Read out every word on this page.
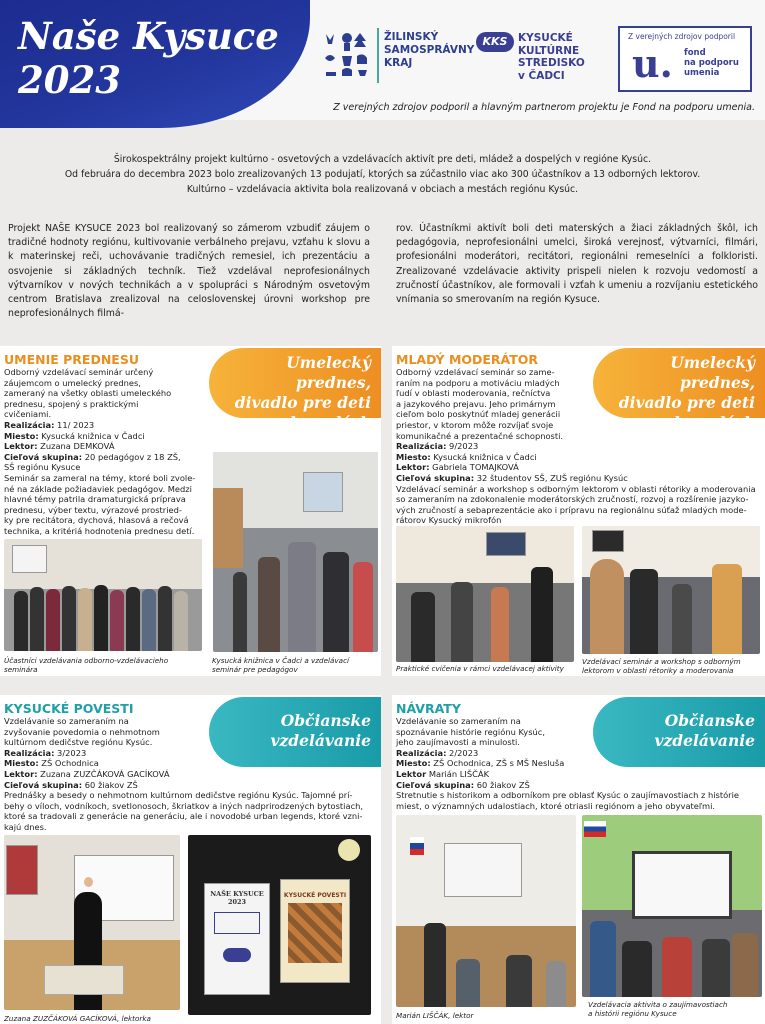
Naše Kysuce
2023
ŽILINSKÝ
SAMOSPRÁVNY
KRAJ
KKS	KYSUCKÉ
KULTÚRNE
STREDISKO
v ČADCI
Z verejných zdrojov podporil
u. fond
na podporu
umenia
Z verejných zdrojov podporil a hlavným partnerom projektu je Fond na podporu umenia.
Širokospektrálny projekt kultúrno - osvetových a vzdelávacích aktivít pre deti, mládež a dospelých v regióne Kysúc.
Od februára do decembra 2023 bolo zrealizovaných 13 podujatí, ktorých sa zúčastnilo viac ako 300 účastníkov a 13 odborných lektorov.
Kultúrno – vzdelávacia aktivita bola realizovaná v obciach a mestách regiónu Kysúc.
Projekt NAŠE KYSUCE 2023 bol realizovaný so zámerom vzbudiť záujem o tradičné hodnoty regiónu, kultivovanie verbálneho prejavu, vzťahu k slovu a k materinskej reči, uchovávanie tradičných remesiel, ich prezentáciu a osvojenie si základných techník. Tiež vzdelával neprofesionálnych výtvarníkov v nových technikách a v spolupráci s Národným osvetovým centrom Bratislava zrealizoval na celoslovenskej úrovni workshop pre neprofesionálnych filmá-
rov. Účastníkmi aktivít boli deti materských a žiaci základných škôl, ich pedagógovia, neprofesionálni umelci, široká verejnosť, výtvarníci, filmári, profesionálni moderátori, recitátori, regionálni remeselníci a folkloristi. Zrealizované vzdelávacie aktivity prispeli nielen k rozvoju vedomostí a zručností účastníkov, ale formovali i vzťah k umeniu a rozvíjaniu estetického vnímania so smerovaním na región Kysuce.
Umelecký prednes,
divadlo pre deti
a dospelých
UMENIE PREDNESU
Odborný vzdelávací seminár určený
záujemcom o umelecký prednes,
zameraný na všetky oblasti umeleckého
prednesu, spojený s praktickými
cvičeniami.
Realizácia: 11/ 2023
Miesto: Kysucká knižnica v Čadci
Lektor: Zuzana DEMKOVÁ
Cieľová skupina: 20 pedagógov z 18 ZŠ,
SŠ regiónu Kysuce
Seminár sa zameral na témy, ktoré boli zvole-
né na základe požiadaviek pedagógov. Medzi
hlavné témy patrila dramaturgická príprava
prednesu, výber textu, výrazové prostried-
ky pre recitátora, dychová, hlasová a rečová
technika, a kritériá hodnotenia prednesu detí.
Kysucká knižnica v Čadci a vzdelávací
seminár pre pedagógov
Účastníci vzdelávania odborno-vzdelávacieho
seminára
Umelecký prednes,
divadlo pre deti
a dospelých
MLADÝ MODERÁTOR
Odborný vzdelávací seminár so zame-
raním na podporu a motiváciu mladých
ľudí v oblasti moderovania, rečníctva
a jazykového prejavu. Jeho primárnym
cieľom bolo poskytnúť mladej generácii
priestor, v ktorom môže rozvíjať svoje
komunikačné a prezentačné schopnosti.
Realizácia: 9/2023
Miesto: Kysucká knižnica v Čadci
Lektor: Gabriela TOMAJKOVÁ
Cieľová skupina: 32 študentov SŠ, ZUŠ regiónu Kysúc
Vzdelávací seminár a workshop s odborným lektorom v oblasti rétoriky a moderovania
so zameraním na zdokonalenie moderátorských zručností, rozvoj a rozšírenie jazyko-
vých zručností a sebaprezentácie ako i prípravu na regionálnu súťaž mladých mode-
rátorov Kysucký mikrofón
Praktické cvičenia v rámci vzdelávacej aktivity
Vzdelávací seminár a workshop s odborným
lektorom v oblasti rétoriky a moderovania
Občianske
vzdelávanie
KYSUCKÉ POVESTI
Vzdelávanie so zameraním na
zvyšovanie povedomia o nehmotnom
kultúrnom dedičstve regiónu Kysúc.
Realizácia: 3/2023
Miesto: ZŠ Ochodnica
Lektor: Zuzana ZUZČÁKOVÁ GACÍKOVÁ
Cieľová skupina: 60 žiakov ZŠ
Prednášky a besedy o nehmotnom kultúrnom dedičstve regiónu Kysúc. Tajomné prí-
behy o víloch, vodníkoch, svetlonosoch, škriatkov a iných nadprirodzených bytostiach,
ktoré sa tradovali z generácie na generáciu, ale i novodobé urban legends, ktoré vzni-
kajú dnes.
Zuzana ZUZČÁKOVÁ GACÍKOVÁ, lektorka
NAŠE KYSUCE 2023
KYSUCKÉ POVESTI
Občianske
vzdelávanie
NÁVRATY
Vzdelávanie so zameraním na
spoznávanie histórie regiónu Kysúc,
jeho zaujímavosti a minulosti.
Realizácia: 2/2023
Miesto: ZŠ Ochodnica, ZŠ s MŠ Nesluša
Lektor Marián LIŠČÁK
Cieľová skupina: 60 žiakov ZŠ
Stretnutie s historikom a odborníkom pre oblasť Kysúc o zaujímavostiach z histórie
miest, o významných udalostiach, ktoré otriasli regiónom a jeho obyvateľmi.
Marián LIŠČÁK, lektor
Vzdelávacia aktivita o zaujímavostiach
a histórii regiónu Kysuce
